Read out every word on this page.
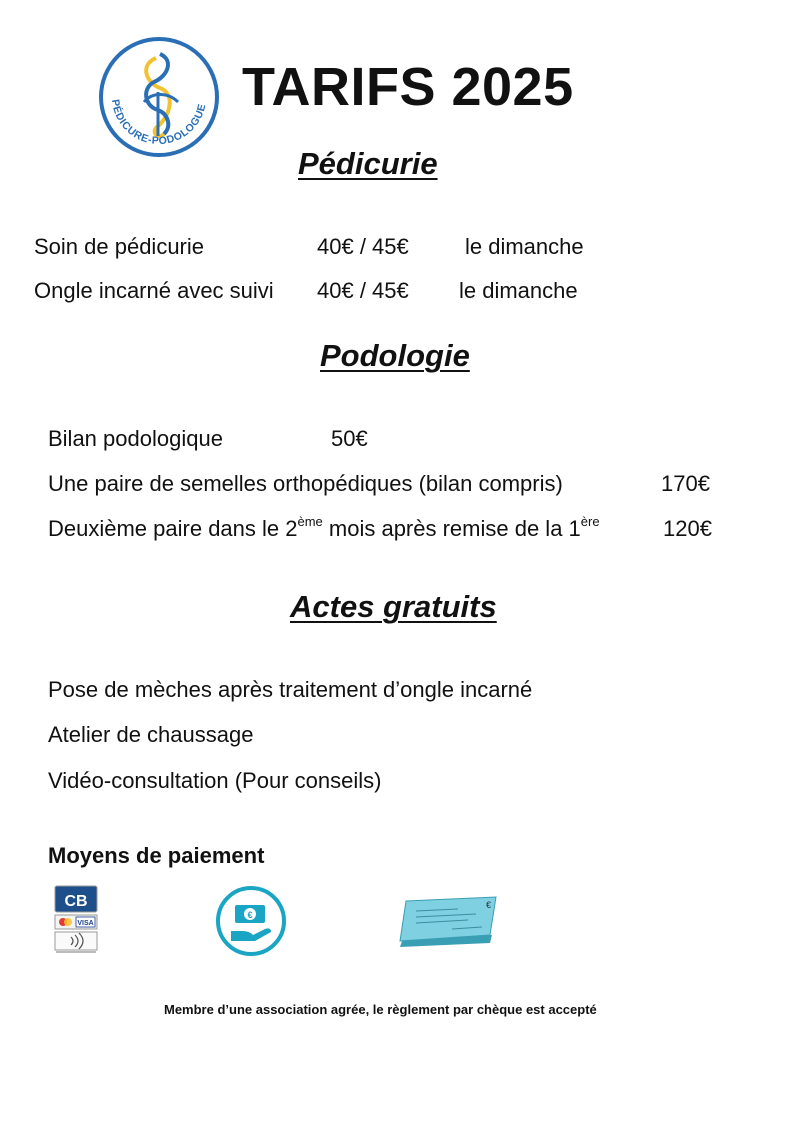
PÉDICURE-PODOLOGUE TARIFS 2025
Pédicurie
Soin de pédicurie	40€ / 45€	le dimanche
Ongle incarné avec suivi 40€ / 45€ le dimanche
Podologie
Bilan podologique	50€
Une paire de semelles orthopédiques (bilan compris)	170€
Deuxième paire dans le 2ème mois après remise de la 1ère	120€
Actes gratuits
Pose de mèches après traitement d’ongle incarné
Atelier de chaussage
Vidéo-consultation (Pour conseils)
Moyens de paiement
CB
VISA
€
€
Membre d’une association agrée, le règlement par chèque est accepté
